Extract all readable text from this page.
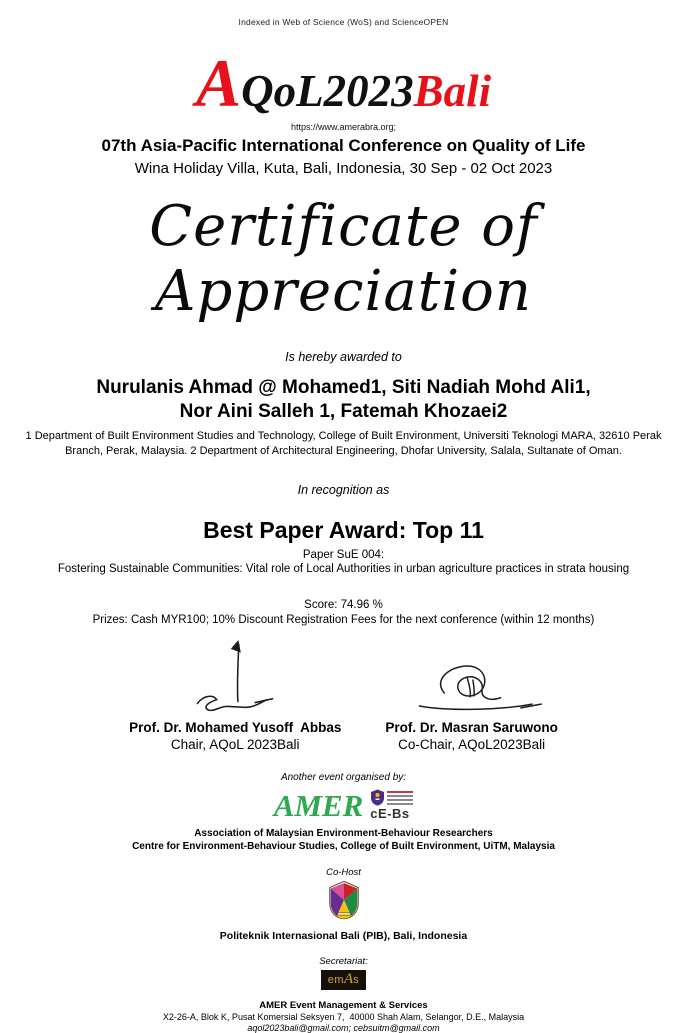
Indexed in Web of Science (WoS) and ScienceOPEN
A QoL2023 Bali
https://www.amerabra.org;
07th Asia-Pacific International Conference on Quality of Life
Wina Holiday Villa, Kuta, Bali, Indonesia, 30 Sep - 02 Oct 2023
Certificate of Appreciation
Is hereby awarded to
Nurulanis Ahmad @ Mohamed1, Siti Nadiah Mohd Ali1,
Nor Aini Salleh 1, Fatemah Khozaei2
1 Department of Built Environment Studies and Technology, College of Built Environment, Universiti Teknologi MARA, 32610 Perak Branch, Perak, Malaysia. 2 Department of Architectural Engineering, Dhofar University, Salala, Sultanate of Oman.
In recognition as
Best Paper Award: Top 11
Paper SuE 004:
Fostering Sustainable Communities: Vital role of Local Authorities in urban agriculture practices in strata housing
Score: 74.96 %
Prizes: Cash MYR100; 10% Discount Registration Fees for the next conference (within 12 months)
Prof. Dr. Mohamed Yusoff  Abbas
Chair, AQoL 2023Bali
Prof. Dr. Masran Saruwono
Co-Chair, AQoL2023Bali
Another event organised by:
AMER cE-Bs
Association of Malaysian Environment-Behaviour Researchers
Centre for Environment-Behaviour Studies, College of Built Environment, UiTM, Malaysia
Co-Host
Politeknik Internasional Bali (PIB), Bali, Indonesia
Secretariat:
em A s
AMER Event Management & Services
X2-26-A, Blok K, Pusat Komersial Seksyen 7,  40000 Shah Alam, Selangor, D.E., Malaysia
aqol2023bali@gmail.com; cebsuitm@gmail.com
